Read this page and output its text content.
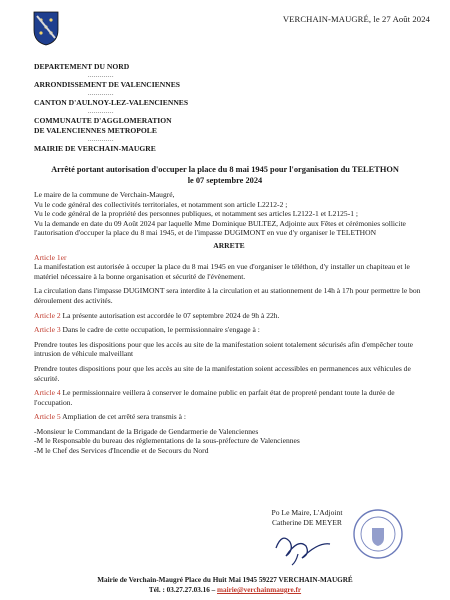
VERCHAIN-MAUGRÉ, le 27 Août 2024
DEPARTEMENT DU NORD
.............
ARRONDISSEMENT DE VALENCIENNES
.............
CANTON D'AULNOY-LEZ-VALENCIENNES
.............
COMMUNAUTE D'AGGLOMERATION
DE VALENCIENNES METROPOLE
.............
MAIRIE DE VERCHAIN-MAUGRE
Arrêté portant autorisation d'occuper la place du 8 mai 1945 pour l'organisation du TELETHON
le 07 septembre 2024

Le maire de la commune de Verchain-Maugré,

Vu le code général des collectivités territoriales, et notamment son article L2212-2 ;

Vu le code général de la propriété des personnes publiques, et notamment ses articles L2122-1 et L2125-1 ;

Vu la demande en date du 09 Août 2024 par laquelle Mme Dominique BULTEZ, Adjointe aux Fêtes et cérémonies sollicite l'autorisation d'occuper la place du 8 mai 1945, et de l'impasse DUGIMONT en vue d'y organiser le TELETHON

ARRETE

Article 1er

La manifestation est autorisée à occuper la place du 8 mai 1945 en vue d'organiser le téléthon, d'y installer un chapiteau et le matériel nécessaire à la bonne organisation et sécurité de l'évènement.

La circulation dans l'impasse DUGIMONT sera interdite à la circulation et au stationnement de 14h à 17h pour permettre le bon déroulement des activités.

Article 2 La présente autorisation est accordée le 07 septembre 2024 de 9h à 22h.

Article 3 Dans le cadre de cette occupation, le permissionnaire s'engage à :

Prendre toutes les dispositions pour que les accès au site de la manifestation soient totalement sécurisés afin d'empêcher toute intrusion de véhicule malveillant

Prendre toutes dispositions pour que les accès au site de la manifestation soient accessibles en permanences aux véhicules de sécurité.

Article 4 Le permissionnaire veillera à conserver le domaine public en parfait état de propreté pendant toute la durée de l'occupation.

Article 5 Ampliation de cet arrêté sera transmis à :

-Monsieur le Commandant de la Brigade de Gendarmerie de Valenciennes

-M le Responsable du bureau des réglementations de la sous-préfecture de Valenciennes

-M le Chef des Services d'Incendie et de Secours du Nord

Po Le Maire, L'Adjoint
Catherine DE MEYER
Mairie de Verchain-Maugré Place du Huit Mai 1945 59227 VERCHAIN-MAUGRÉ
Tél. : 03.27.27.03.16 – mairie@verchainmaugre.fr
